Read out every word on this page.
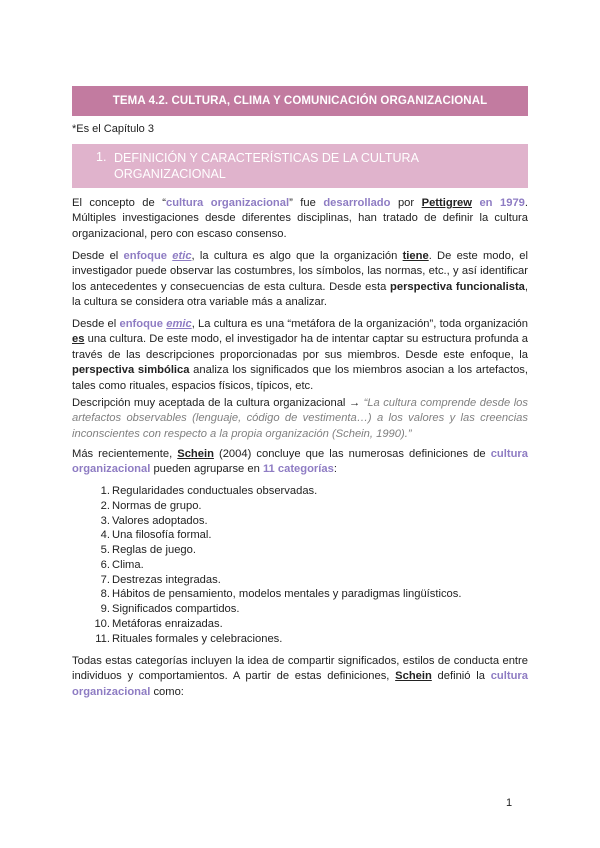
TEMA 4.2. CULTURA, CLIMA Y COMUNICACIÓN ORGANIZACIONAL
*Es el Capítulo 3
1. DEFINICIÓN Y CARACTERÍSTICAS DE LA CULTURA ORGANIZACIONAL

El concepto de “cultura organizacional” fue desarrollado por Pettigrew en 1979. Múltiples investigaciones desde diferentes disciplinas, han tratado de definir la cultura organizacional, pero con escaso consenso.

Desde el enfoque etic, la cultura es algo que la organización tiene. De este modo, el investigador puede observar las costumbres, los símbolos, las normas, etc., y así identificar los antecedentes y consecuencias de esta cultura. Desde esta perspectiva funcionalista, la cultura se considera otra variable más a analizar.

Desde el enfoque emic, La cultura es una “metáfora de la organización”, toda organización es una cultura. De este modo, el investigador ha de intentar captar su estructura profunda a través de las descripciones proporcionadas por sus miembros. Desde este enfoque, la perspectiva simbólica analiza los significados que los miembros asocian a los artefactos, tales como rituales, espacios físicos, típicos, etc.

Descripción muy aceptada de la cultura organizacional → “La cultura comprende desde los artefactos observables (lenguaje, código de vestimenta…) a los valores y las creencias inconscientes con respecto a la propia organización (Schein, 1990).”

Más recientemente, Schein (2004) concluye que las numerosas definiciones de cultura organizacional pueden agruparse en 11 categorías:

1. Regularidades conductuales observadas.
2. Normas de grupo.
3. Valores adoptados.
4. Una filosofía formal.
5. Reglas de juego.
6. Clima.
7. Destrezas integradas.
8. Hábitos de pensamiento, modelos mentales y paradigmas lingüísticos.
9. Significados compartidos.
10. Metáforas enraizadas.
11. Rituales formales y celebraciones.

Todas estas categorías incluyen la idea de compartir significados, estilos de conducta entre individuos y comportamientos. A partir de estas definiciones, Schein definió la cultura organizacional como:

1
